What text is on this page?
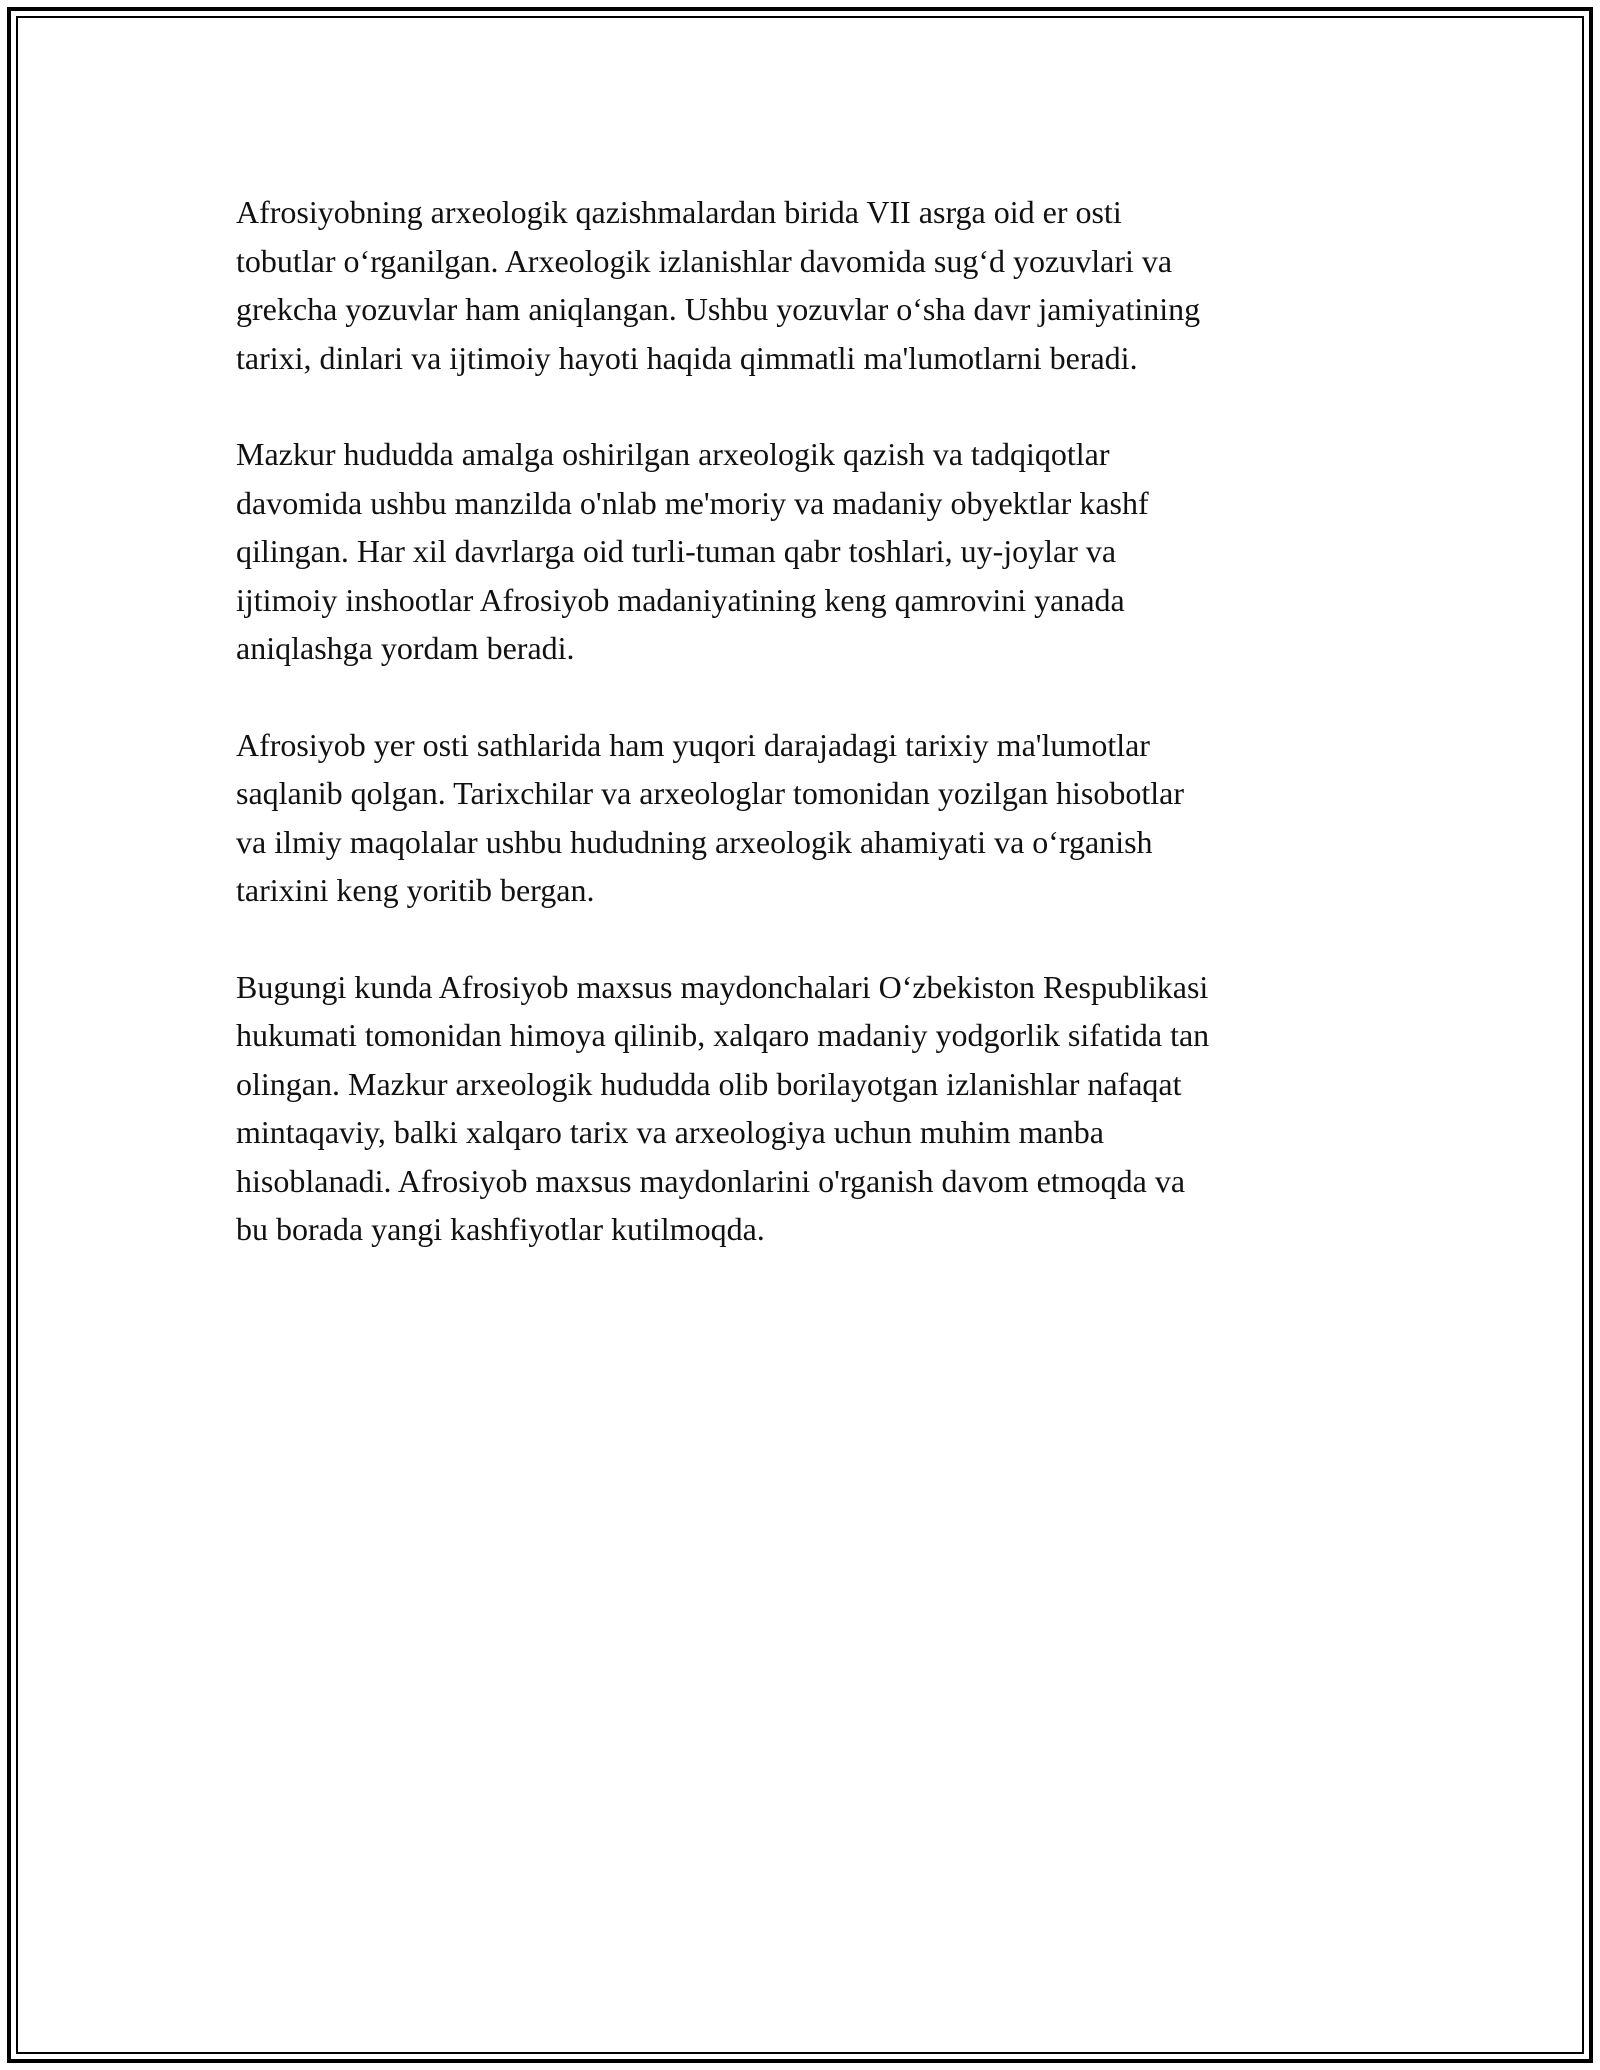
Afrosiyobning arxeologik qazishmalardan birida VII asrga oid er osti
tobutlar o‘rganilgan. Arxeologik izlanishlar davomida sug‘d yozuvlari va
grekcha yozuvlar ham aniqlangan. Ushbu yozuvlar o‘sha davr jamiyatining
tarixi, dinlari va ijtimoiy hayoti haqida qimmatli ma'lumotlarni beradi.

Mazkur hududda amalga oshirilgan arxeologik qazish va tadqiqotlar
davomida ushbu manzilda o'nlab me'moriy va madaniy obyektlar kashf
qilingan. Har xil davrlarga oid turli-tuman qabr toshlari, uy-joylar va
ijtimoiy inshootlar Afrosiyob madaniyatining keng qamrovini yanada
aniqlashga yordam beradi.

Afrosiyob yer osti sathlarida ham yuqori darajadagi tarixiy ma'lumotlar
saqlanib qolgan. Tarixchilar va arxeologlar tomonidan yozilgan hisobotlar
va ilmiy maqolalar ushbu hududning arxeologik ahamiyati va o‘rganish
tarixini keng yoritib bergan.

Bugungi kunda Afrosiyob maxsus maydonchalari O‘zbekiston Respublikasi
hukumati tomonidan himoya qilinib, xalqaro madaniy yodgorlik sifatida tan
olingan. Mazkur arxeologik hududda olib borilayotgan izlanishlar nafaqat
mintaqaviy, balki xalqaro tarix va arxeologiya uchun muhim manba
hisoblanadi. Afrosiyob maxsus maydonlarini o'rganish davom etmoqda va
bu borada yangi kashfiyotlar kutilmoqda.
